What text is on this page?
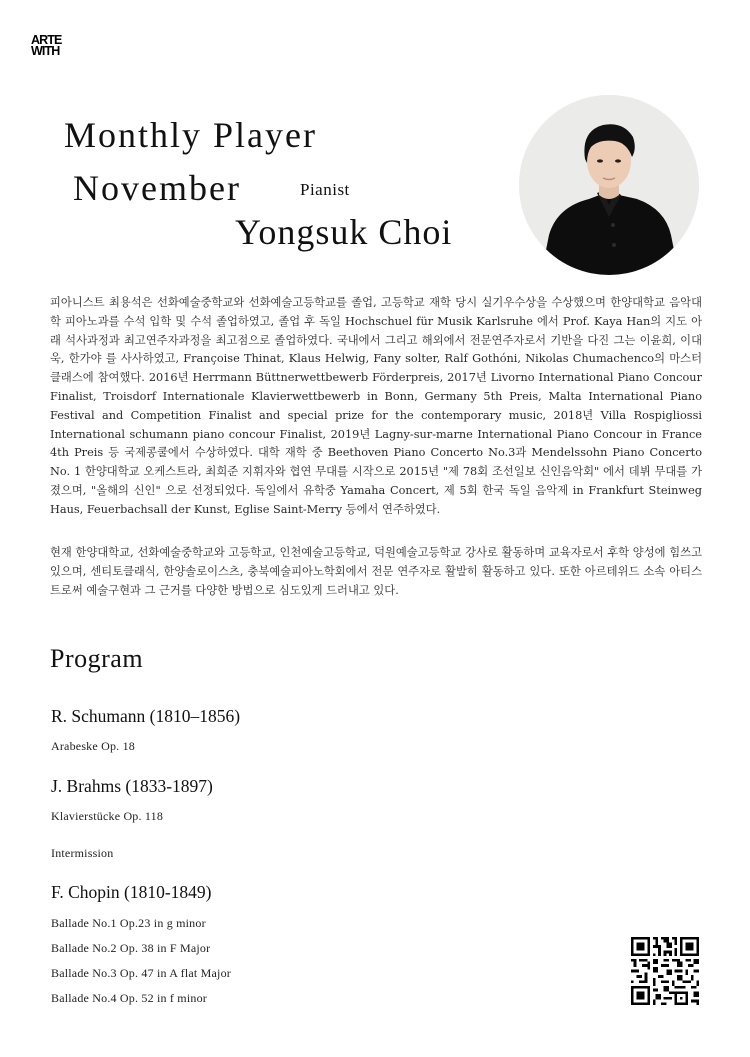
ARTE
WITH
Monthly Player
November	Pianist
Yongsuk Choi

피아니스트 최용석은 선화예술중학교와 선화예술고등학교를 졸업, 고등학교 재학 당시 실기우수상을 수상했으며 한양대학교 음악대학 피아노과를 수석 입학 및 수석 졸업하였고, 졸업 후 독일 Hochschuel für Musik Karlsruhe 에서 Prof. Kaya Han의 지도 아래 석사과정과 최고연주자과정을 최고점으로 졸업하였다. 국내에서 그리고 해외에서 전문연주자로서 기반을 다진 그는 이윤희, 이대욱, 한가야 를 사사하였고, Françoise Thinat, Klaus Helwig, Fany solter, Ralf Gothóni, Nikolas Chumachenco의 마스터 클래스에 참여했다. 2016년 Herrmann Büttnerwettbewerb Förderpreis, 2017년 Livorno International Piano Concour Finalist, Troisdorf Internationale Klavierwettbewerb in Bonn, Germany 5th Preis, Malta International Piano Festival and Competition Finalist and special prize for the contemporary music, 2018년 Villa Rospigliossi International schumann piano concour Finalist, 2019년 Lagny-sur-marne International Piano Concour in France 4th Preis 등 국제콩쿨에서 수상하였다. 대학 재학 중 Beethoven Piano Concerto No.3과 Mendelssohn Piano Concerto No. 1 한양대학교 오케스트라, 최희준 지휘자와 협연 무대를 시작으로 2015년 "제 78회 조선일보 신인음악회" 에서 데뷔 무대를 가졌으며, "올해의 신인" 으로 선정되었다. 독일에서 유학중 Yamaha Concert, 제 5회 한국 독일 음악제 in Frankfurt Steinweg Haus, Feuerbachsall der Kunst, Eglise Saint-Merry 등에서 연주하였다.

현재 한양대학교, 선화예술중학교와 고등학교, 인천예술고등학교, 덕원예술고등학교 강사로 활동하며 교육자로서 후학 양성에 힘쓰고 있으며, 센티토클래식, 한양솔로이스츠, 충북예술피아노학회에서 전문 연주자로 활발히 활동하고 있다. 또한 아르테위드 소속 아티스트로써 예술구현과 그 근거를 다양한 방법으로 심도있게 드러내고 있다.

Program
R. Schumann (1810–1856)
Arabeske Op. 18
J. Brahms (1833-1897)
Klavierstücke Op. 118
Intermission
F. Chopin (1810-1849)
Ballade No.1 Op.23 in g minor
Ballade No.2 Op. 38 in F Major
Ballade No.3 Op. 47 in A flat Major
Ballade No.4 Op. 52 in f minor
